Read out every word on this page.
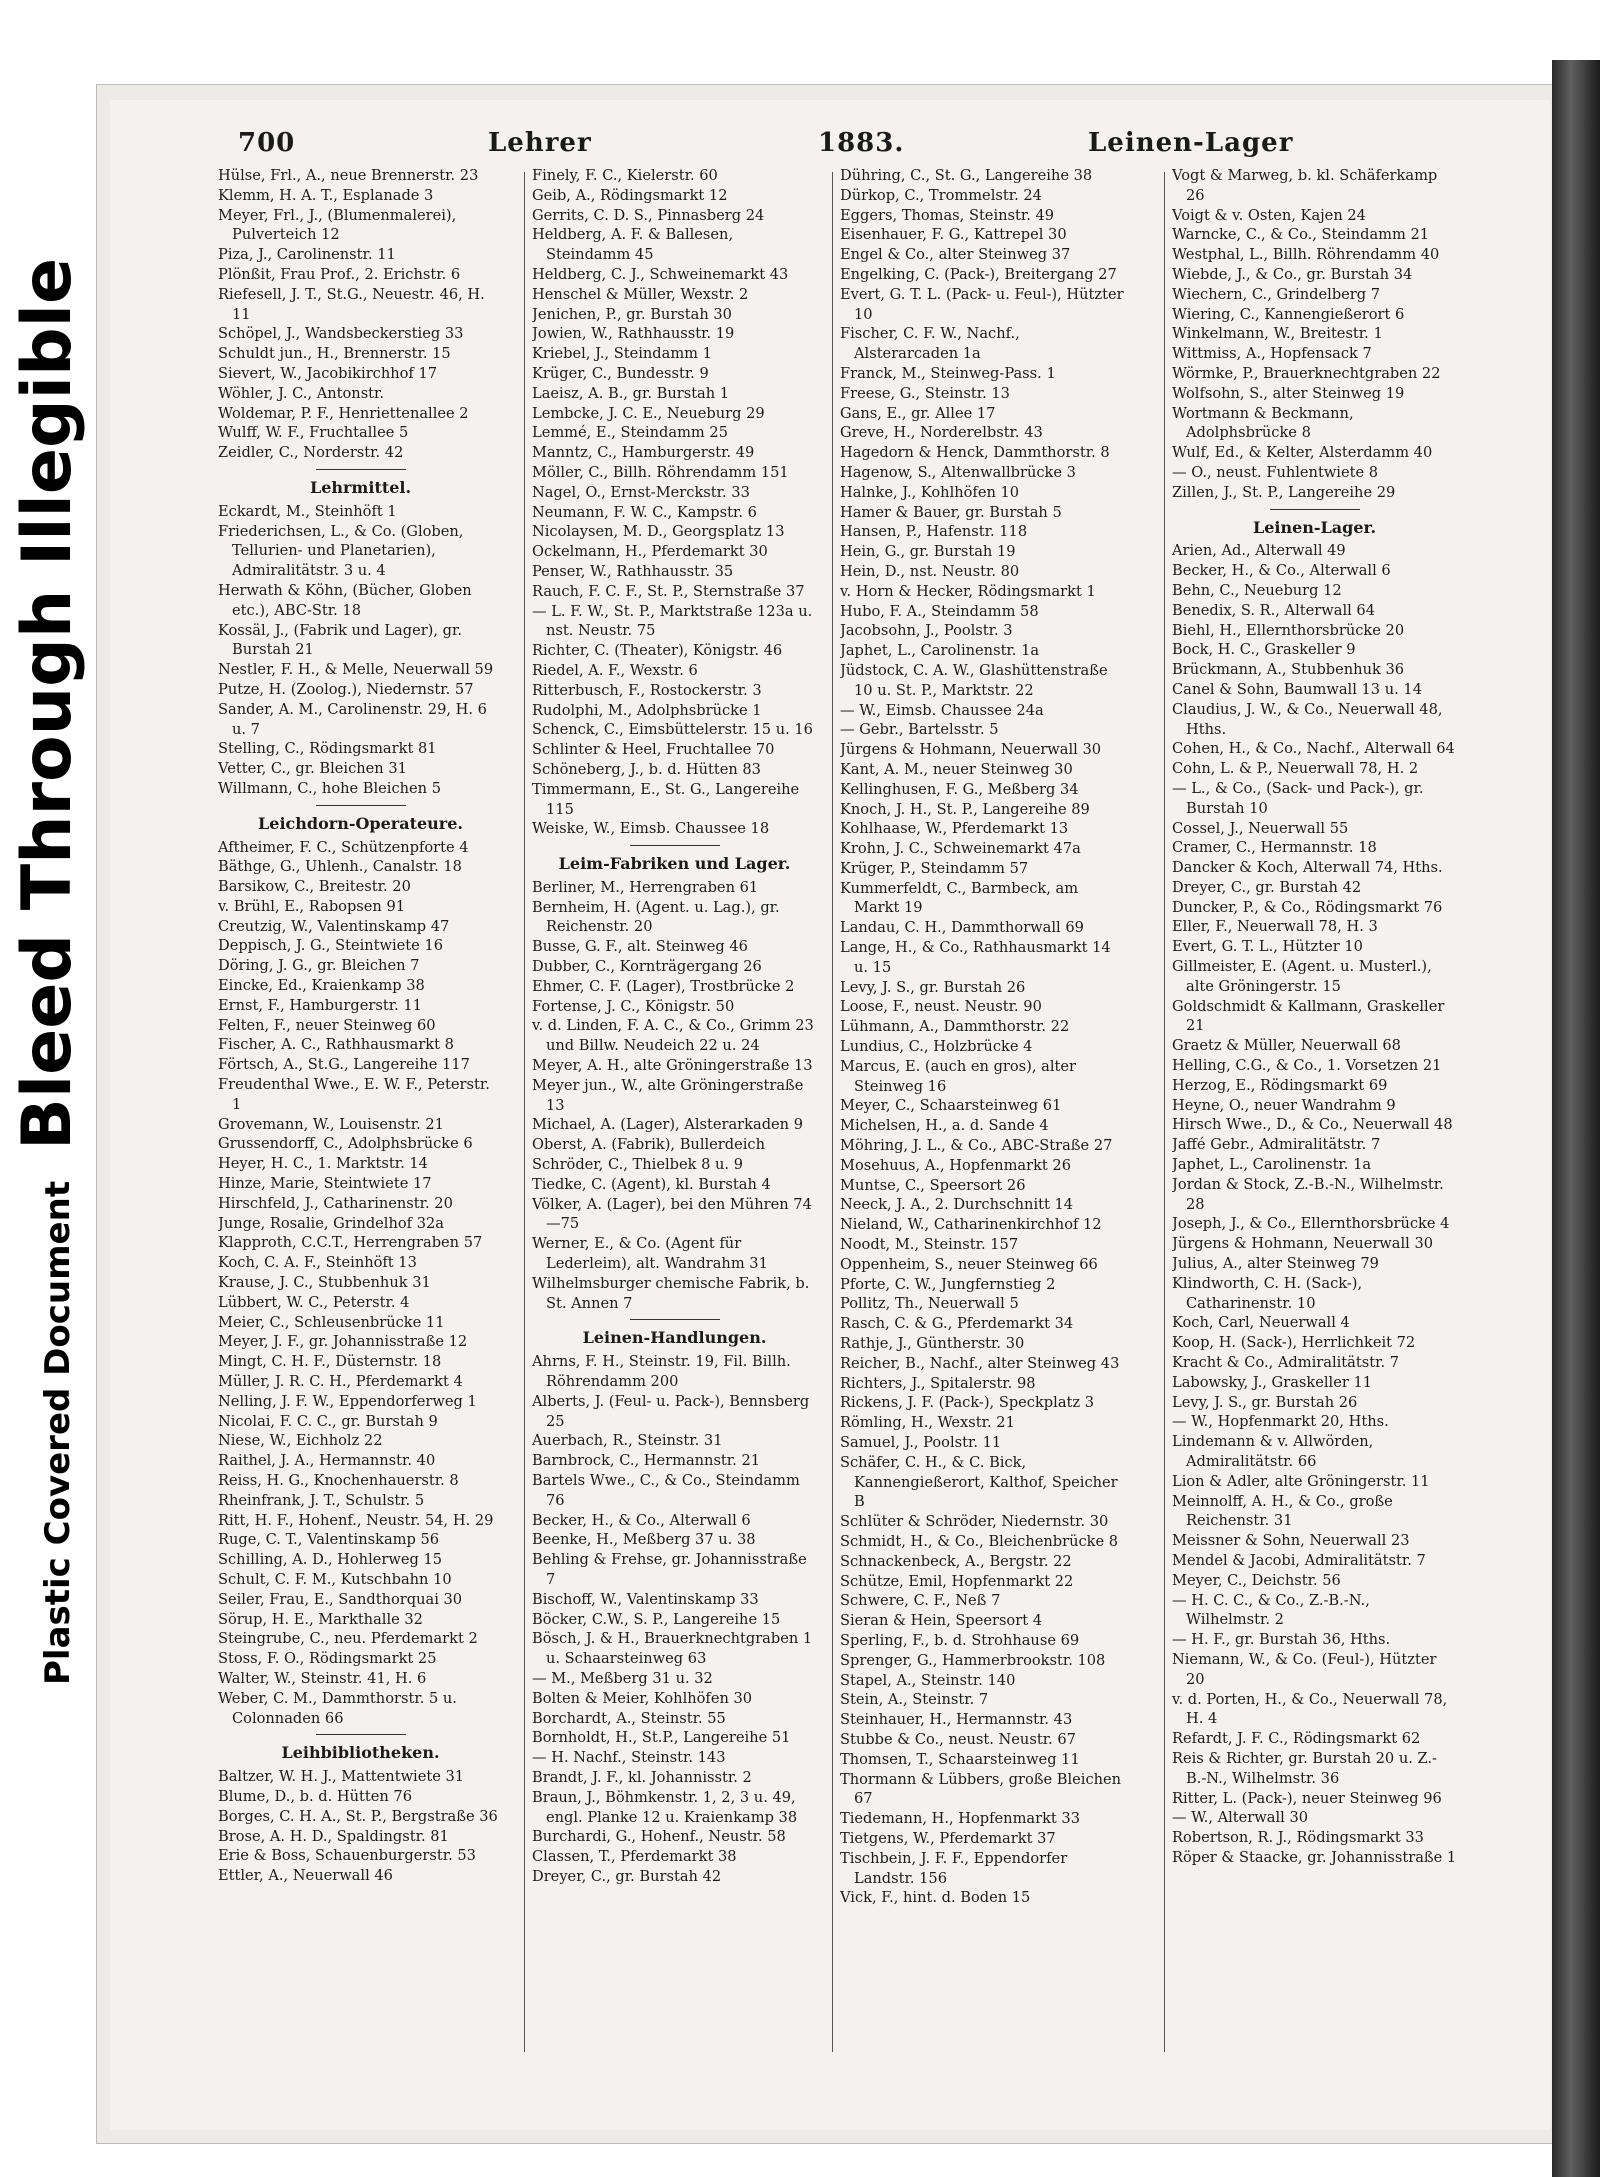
Bleed Through Illegible
Plastic Covered Document
700	Lehrer	1883.	Leinen-Lager
Hülse, Frl., A., neue Brennerstr. 23
Klemm, H. A. T., Esplanade 3
Meyer, Frl., J., (Blumenmalerei), Pulverteich 12
Piza, J., Carolinenstr. 11
Plönßit, Frau Prof., 2. Erichstr. 6
Riefesell, J. T., St.G., Neuestr. 46, H. 11
Schöpel, J., Wandsbeckerstieg 33
Schuldt jun., H., Brennerstr. 15
Sievert, W., Jacobikirchhof 17
Wöhler, J. C., Antonstr.
Woldemar, P. F., Henriettenallee 2
Wulff, W. F., Fruchtallee 5
Zeidler, C., Norderstr. 42
Lehrmittel.
Eckardt, M., Steinhöft 1
Friederichsen, L., & Co. (Globen, Tellurien- und Planetarien), Admiralitätstr. 3 u. 4
Herwath & Köhn, (Bücher, Globen etc.), ABC-Str. 18
Kossäl, J., (Fabrik und Lager), gr. Burstah 21
Nestler, F. H., & Melle, Neuerwall 59
Putze, H. (Zoolog.), Niedernstr. 57
Sander, A. M., Carolinenstr. 29, H. 6 u. 7
Stelling, C., Rödingsmarkt 81
Vetter, C., gr. Bleichen 31
Willmann, C., hohe Bleichen 5
Leichdorn-Operateure.
Aftheimer, F. C., Schützenpforte 4
Bäthge, G., Uhlenh., Canalstr. 18
Barsikow, C., Breitestr. 20
v. Brühl, E., Rabopsen 91
Creutzig, W., Valentinskamp 47
Deppisch, J. G., Steintwiete 16
Döring, J. G., gr. Bleichen 7
Eincke, Ed., Kraienkamp 38
Ernst, F., Hamburgerstr. 11
Felten, F., neuer Steinweg 60
Fischer, A. C., Rathhausmarkt 8
Förtsch, A., St.G., Langereihe 117
Freudenthal Wwe., E. W. F., Peterstr. 1
Grovemann, W., Louisenstr. 21
Grussendorff, C., Adolphsbrücke 6
Heyer, H. C., 1. Marktstr. 14
Hinze, Marie, Steintwiete 17
Hirschfeld, J., Catharinenstr. 20
Junge, Rosalie, Grindelhof 32a
Klapproth, C.C.T., Herrengraben 57
Koch, C. A. F., Steinhöft 13
Krause, J. C., Stubbenhuk 31
Lübbert, W. C., Peterstr. 4
Meier, C., Schleusenbrücke 11
Meyer, J. F., gr. Johannisstraße 12
Mingt, C. H. F., Düsternstr. 18
Müller, J. R. C. H., Pferdemarkt 4
Nelling, J. F. W., Eppendorferweg 1
Nicolai, F. C. C., gr. Burstah 9
Niese, W., Eichholz 22
Raithel, J. A., Hermannstr. 40
Reiss, H. G., Knochenhauerstr. 8
Rheinfrank, J. T., Schulstr. 5
Ritt, H. F., Hohenf., Neustr. 54, H. 29
Ruge, C. T., Valentinskamp 56
Schilling, A. D., Hohlerweg 15
Schult, C. F. M., Kutschbahn 10
Seiler, Frau, E., Sandthorquai 30
Sörup, H. E., Markthalle 32
Steingrube, C., neu. Pferdemarkt 2
Stoss, F. O., Rödingsmarkt 25
Walter, W., Steinstr. 41, H. 6
Weber, C. M., Dammthorstr. 5 u. Colonnaden 66
Leihbibliotheken.
Baltzer, W. H. J., Mattentwiete 31
Blume, D., b. d. Hütten 76
Borges, C. H. A., St. P., Bergstraße 36
Brose, A. H. D., Spaldingstr. 81
Erie & Boss, Schauenburgerstr. 53
Ettler, A., Neuerwall 46
Finely, F. C., Kielerstr. 60
Geib, A., Rödingsmarkt 12
Gerrits, C. D. S., Pinnasberg 24
Heldberg, A. F. & Ballesen, Steindamm 45
Heldberg, C. J., Schweinemarkt 43
Henschel & Müller, Wexstr. 2
Jenichen, P., gr. Burstah 30
Jowien, W., Rathhausstr. 19
Kriebel, J., Steindamm 1
Krüger, C., Bundesstr. 9
Laeisz, A. B., gr. Burstah 1
Lembcke, J. C. E., Neueburg 29
Lemmé, E., Steindamm 25
Manntz, C., Hamburgerstr. 49
Möller, C., Billh. Röhrendamm 151
Nagel, O., Ernst-Merckstr. 33
Neumann, F. W. C., Kampstr. 6
Nicolaysen, M. D., Georgsplatz 13
Ockelmann, H., Pferdemarkt 30
Penser, W., Rathhausstr. 35
Rauch, F. C. F., St. P., Sternstraße 37
— L. F. W., St. P., Marktstraße 123a u. nst. Neustr. 75
Richter, C. (Theater), Königstr. 46
Riedel, A. F., Wexstr. 6
Ritterbusch, F., Rostockerstr. 3
Rudolphi, M., Adolphsbrücke 1
Schenck, C., Eimsbüttelerstr. 15 u. 16
Schlinter & Heel, Fruchtallee 70
Schöneberg, J., b. d. Hütten 83
Timmermann, E., St. G., Langereihe 115
Weiske, W., Eimsb. Chaussee 18
Leim-Fabriken und Lager.
Berliner, M., Herrengraben 61
Bernheim, H. (Agent. u. Lag.), gr. Reichenstr. 20
Busse, G. F., alt. Steinweg 46
Dubber, C., Kornträgergang 26
Ehmer, C. F. (Lager), Trostbrücke 2
Fortense, J. C., Königstr. 50
v. d. Linden, F. A. C., & Co., Grimm 23 und Billw. Neudeich 22 u. 24
Meyer, A. H., alte Gröningerstraße 13
Meyer jun., W., alte Gröningerstraße 13
Michael, A. (Lager), Alsterarkaden 9
Oberst, A. (Fabrik), Bullerdeich
Schröder, C., Thielbek 8 u. 9
Tiedke, C. (Agent), kl. Burstah 4
Völker, A. (Lager), bei den Mühren 74—75
Werner, E., & Co. (Agent für Lederleim), alt. Wandrahm 31
Wilhelmsburger chemische Fabrik, b. St. Annen 7
Leinen-Handlungen.
Ahrns, F. H., Steinstr. 19, Fil. Billh. Röhrendamm 200
Alberts, J. (Feul- u. Pack-), Bennsberg 25
Auerbach, R., Steinstr. 31
Barnbrock, C., Hermannstr. 21
Bartels Wwe., C., & Co., Steindamm 76
Becker, H., & Co., Alterwall 6
Beenke, H., Meßberg 37 u. 38
Behling & Frehse, gr. Johannisstraße 7
Bischoff, W., Valentinskamp 33
Böcker, C.W., S. P., Langereihe 15
Bösch, J. & H., Brauerknechtgraben 1 u. Schaarsteinweg 63
— M., Meßberg 31 u. 32
Bolten & Meier, Kohlhöfen 30
Borchardt, A., Steinstr. 55
Bornholdt, H., St.P., Langereihe 51
— H. Nachf., Steinstr. 143
Brandt, J. F., kl. Johannisstr. 2
Braun, J., Böhmkenstr. 1, 2, 3 u. 49, engl. Planke 12 u. Kraienkamp 38
Burchardi, G., Hohenf., Neustr. 58
Classen, T., Pferdemarkt 38
Dreyer, C., gr. Burstah 42
Dühring, C., St. G., Langereihe 38
Dürkop, C., Trommelstr. 24
Eggers, Thomas, Steinstr. 49
Eisenhauer, F. G., Kattrepel 30
Engel & Co., alter Steinweg 37
Engelking, C. (Pack-), Breitergang 27
Evert, G. T. L. (Pack- u. Feul-), Hützter 10
Fischer, C. F. W., Nachf., Alsterarcaden 1a
Franck, M., Steinweg-Pass. 1
Freese, G., Steinstr. 13
Gans, E., gr. Allee 17
Greve, H., Norderelbstr. 43
Hagedorn & Henck, Dammthorstr. 8
Hagenow, S., Altenwallbrücke 3
Halnke, J., Kohlhöfen 10
Hamer & Bauer, gr. Burstah 5
Hansen, P., Hafenstr. 118
Hein, G., gr. Burstah 19
Hein, D., nst. Neustr. 80
v. Horn & Hecker, Rödingsmarkt 1
Hubo, F. A., Steindamm 58
Jacobsohn, J., Poolstr. 3
Japhet, L., Carolinenstr. 1a
Jüdstock, C. A. W., Glashüttenstraße 10 u. St. P., Marktstr. 22
— W., Eimsb. Chaussee 24a
— Gebr., Bartelsstr. 5
Jürgens & Hohmann, Neuerwall 30
Kant, A. M., neuer Steinweg 30
Kellinghusen, F. G., Meßberg 34
Knoch, J. H., St. P., Langereihe 89
Kohlhaase, W., Pferdemarkt 13
Krohn, J. C., Schweinemarkt 47a
Krüger, P., Steindamm 57
Kummerfeldt, C., Barmbeck, am Markt 19
Landau, C. H., Dammthorwall 69
Lange, H., & Co., Rathhausmarkt 14 u. 15
Levy, J. S., gr. Burstah 26
Loose, F., neust. Neustr. 90
Lühmann, A., Dammthorstr. 22
Lundius, C., Holzbrücke 4
Marcus, E. (auch en gros), alter Steinweg 16
Meyer, C., Schaarsteinweg 61
Michelsen, H., a. d. Sande 4
Möhring, J. L., & Co., ABC-Straße 27
Mosehuus, A., Hopfenmarkt 26
Muntse, C., Speersort 26
Neeck, J. A., 2. Durchschnitt 14
Nieland, W., Catharinenkirchhof 12
Noodt, M., Steinstr. 157
Oppenheim, S., neuer Steinweg 66
Pforte, C. W., Jungfernstieg 2
Pollitz, Th., Neuerwall 5
Rasch, C. & G., Pferdemarkt 34
Rathje, J., Güntherstr. 30
Reicher, B., Nachf., alter Steinweg 43
Richters, J., Spitalerstr. 98
Rickens, J. F. (Pack-), Speckplatz 3
Römling, H., Wexstr. 21
Samuel, J., Poolstr. 11
Schäfer, C. H., & C. Bick, Kannengießerort, Kalthof, Speicher B
Schlüter & Schröder, Niedernstr. 30
Schmidt, H., & Co., Bleichenbrücke 8
Schnackenbeck, A., Bergstr. 22
Schütze, Emil, Hopfenmarkt 22
Schwere, C. F., Neß 7
Sieran & Hein, Speersort 4
Sperling, F., b. d. Strohhause 69
Sprenger, G., Hammerbrookstr. 108
Stapel, A., Steinstr. 140
Stein, A., Steinstr. 7
Steinhauer, H., Hermannstr. 43
Stubbe & Co., neust. Neustr. 67
Thomsen, T., Schaarsteinweg 11
Thormann & Lübbers, große Bleichen 67
Tiedemann, H., Hopfenmarkt 33
Tietgens, W., Pferdemarkt 37
Tischbein, J. F. F., Eppendorfer Landstr. 156
Vick, F., hint. d. Boden 15
Vogt & Marweg, b. kl. Schäferkamp 26
Voigt & v. Osten, Kajen 24
Warncke, C., & Co., Steindamm 21
Westphal, L., Billh. Röhrendamm 40
Wiebde, J., & Co., gr. Burstah 34
Wiechern, C., Grindelberg 7
Wiering, C., Kannengießerort 6
Winkelmann, W., Breitestr. 1
Wittmiss, A., Hopfensack 7
Wörmke, P., Brauerknechtgraben 22
Wolfsohn, S., alter Steinweg 19
Wortmann & Beckmann, Adolphsbrücke 8
Wulf, Ed., & Kelter, Alsterdamm 40
— O., neust. Fuhlentwiete 8
Zillen, J., St. P., Langereihe 29
Leinen-Lager.
Arien, Ad., Alterwall 49
Becker, H., & Co., Alterwall 6
Behn, C., Neueburg 12
Benedix, S. R., Alterwall 64
Biehl, H., Ellernthorsbrücke 20
Bock, H. C., Graskeller 9
Brückmann, A., Stubbenhuk 36
Canel & Sohn, Baumwall 13 u. 14
Claudius, J. W., & Co., Neuerwall 48, Hths.
Cohen, H., & Co., Nachf., Alterwall 64
Cohn, L. & P., Neuerwall 78, H. 2
— L., & Co., (Sack- und Pack-), gr. Burstah 10
Cossel, J., Neuerwall 55
Cramer, C., Hermannstr. 18
Dancker & Koch, Alterwall 74, Hths.
Dreyer, C., gr. Burstah 42
Duncker, P., & Co., Rödingsmarkt 76
Eller, F., Neuerwall 78, H. 3
Evert, G. T. L., Hützter 10
Gillmeister, E. (Agent. u. Musterl.), alte Gröningerstr. 15
Goldschmidt & Kallmann, Graskeller 21
Graetz & Müller, Neuerwall 68
Helling, C.G., & Co., 1. Vorsetzen 21
Herzog, E., Rödingsmarkt 69
Heyne, O., neuer Wandrahm 9
Hirsch Wwe., D., & Co., Neuerwall 48
Jaffé Gebr., Admiralitätstr. 7
Japhet, L., Carolinenstr. 1a
Jordan & Stock, Z.-B.-N., Wilhelmstr. 28
Joseph, J., & Co., Ellernthorsbrücke 4
Jürgens & Hohmann, Neuerwall 30
Julius, A., alter Steinweg 79
Klindworth, C. H. (Sack-), Catharinenstr. 10
Koch, Carl, Neuerwall 4
Koop, H. (Sack-), Herrlichkeit 72
Kracht & Co., Admiralitätstr. 7
Labowsky, J., Graskeller 11
Levy, J. S., gr. Burstah 26
— W., Hopfenmarkt 20, Hths.
Lindemann & v. Allwörden, Admiralitätstr. 66
Lion & Adler, alte Gröningerstr. 11
Meinnolff, A. H., & Co., große Reichenstr. 31
Meissner & Sohn, Neuerwall 23
Mendel & Jacobi, Admiralitätstr. 7
Meyer, C., Deichstr. 56
— H. C. C., & Co., Z.-B.-N., Wilhelmstr. 2
— H. F., gr. Burstah 36, Hths.
Niemann, W., & Co. (Feul-), Hützter 20
v. d. Porten, H., & Co., Neuerwall 78, H. 4
Refardt, J. F. C., Rödingsmarkt 62
Reis & Richter, gr. Burstah 20 u. Z.-B.-N., Wilhelmstr. 36
Ritter, L. (Pack-), neuer Steinweg 96
— W., Alterwall 30
Robertson, R. J., Rödingsmarkt 33
Röper & Staacke, gr. Johannisstraße 1
